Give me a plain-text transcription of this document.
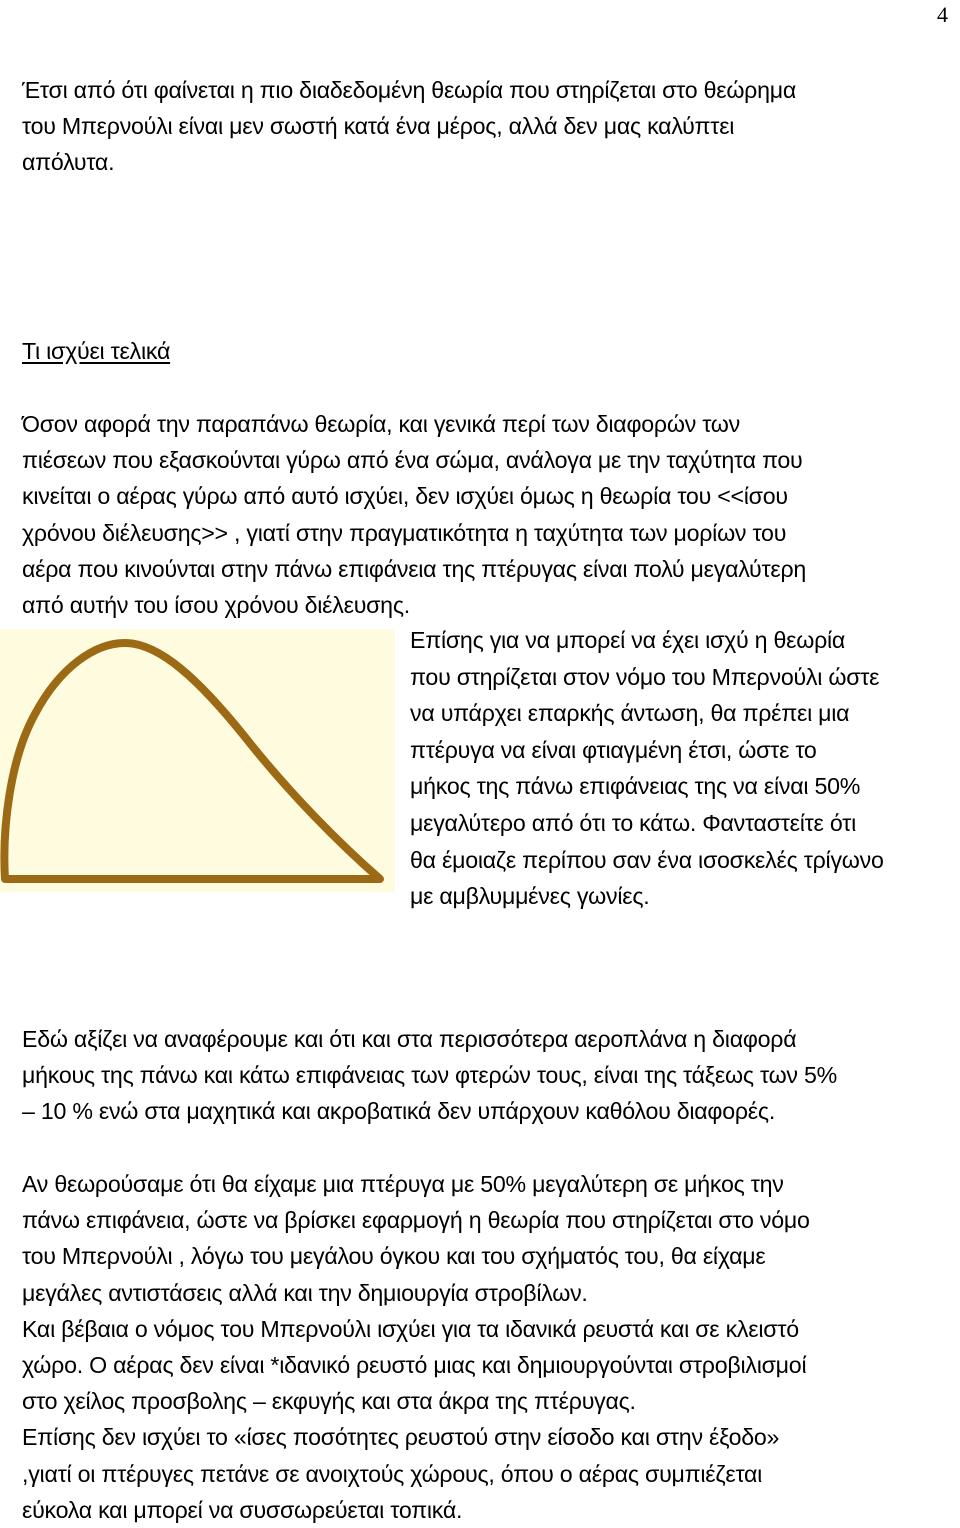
4

Έτσι από ότι φαίνεται η πιο διαδεδομένη θεωρία που στηρίζεται στο θεώρημα
του Μπερνούλι είναι μεν σωστή κατά ένα μέρος, αλλά δεν μας καλύπτει
απόλυτα.

Τι ισχύει τελικά

Όσον αφορά την παραπάνω θεωρία, και γενικά περί των διαφορών των
πιέσεων που εξασκούνται γύρω από ένα σώμα, ανάλογα με την ταχύτητα που
κινείται ο αέρας γύρω από αυτό ισχύει, δεν ισχύει όμως η θεωρία του <<ίσου
χρόνου διέλευσης>> , γιατί στην πραγματικότητα η ταχύτητα των μορίων του
αέρα που κινούνται στην πάνω επιφάνεια της πτέρυγας είναι πολύ μεγαλύτερη
από αυτήν του ίσου χρόνου διέλευσης.

Επίσης για να μπορεί να έχει ισχύ η θεωρία
που στηρίζεται στον νόμο του Μπερνούλι ώστε
να υπάρχει επαρκής άντωση, θα πρέπει μια
πτέρυγα να είναι φτιαγμένη έτσι, ώστε το
μήκος της πάνω επιφάνειας της να είναι 50%
μεγαλύτερο από ότι το κάτω. Φανταστείτε ότι
θα έμοιαζε περίπου σαν ένα ισοσκελές τρίγωνο
με αμβλυμμένες γωνίες.

Εδώ αξίζει να αναφέρουμε και ότι και στα περισσότερα αεροπλάνα η διαφορά
μήκους της πάνω και κάτω επιφάνειας των φτερών τους, είναι της τάξεως των 5%
– 10 % ενώ στα μαχητικά και ακροβατικά δεν υπάρχουν καθόλου διαφορές.

Αν θεωρούσαμε ότι θα είχαμε μια πτέρυγα με 50% μεγαλύτερη σε μήκος την
πάνω επιφάνεια, ώστε να βρίσκει εφαρμογή η θεωρία που στηρίζεται στο νόμο
του Μπερνούλι , λόγω του μεγάλου όγκου και του σχήματός του, θα είχαμε
μεγάλες αντιστάσεις αλλά και την δημιουργία στροβίλων.
Και βέβαια ο νόμος του Μπερνούλι ισχύει για τα ιδανικά ρευστά και σε κλειστό
χώρο. Ο αέρας δεν είναι *ιδανικό ρευστό μιας και δημιουργούνται στροβιλισμοί
στο χείλος προσβολης – εκφυγής και στα άκρα της πτέρυγας.
Επίσης δεν ισχύει το «ίσες ποσότητες ρευστού στην είσοδο και στην έξοδο»
,γιατί οι πτέρυγες πετάνε σε ανοιχτούς χώρους, όπου ο αέρας συμπιέζεται
εύκολα και μπορεί να συσσωρεύεται τοπικά.
